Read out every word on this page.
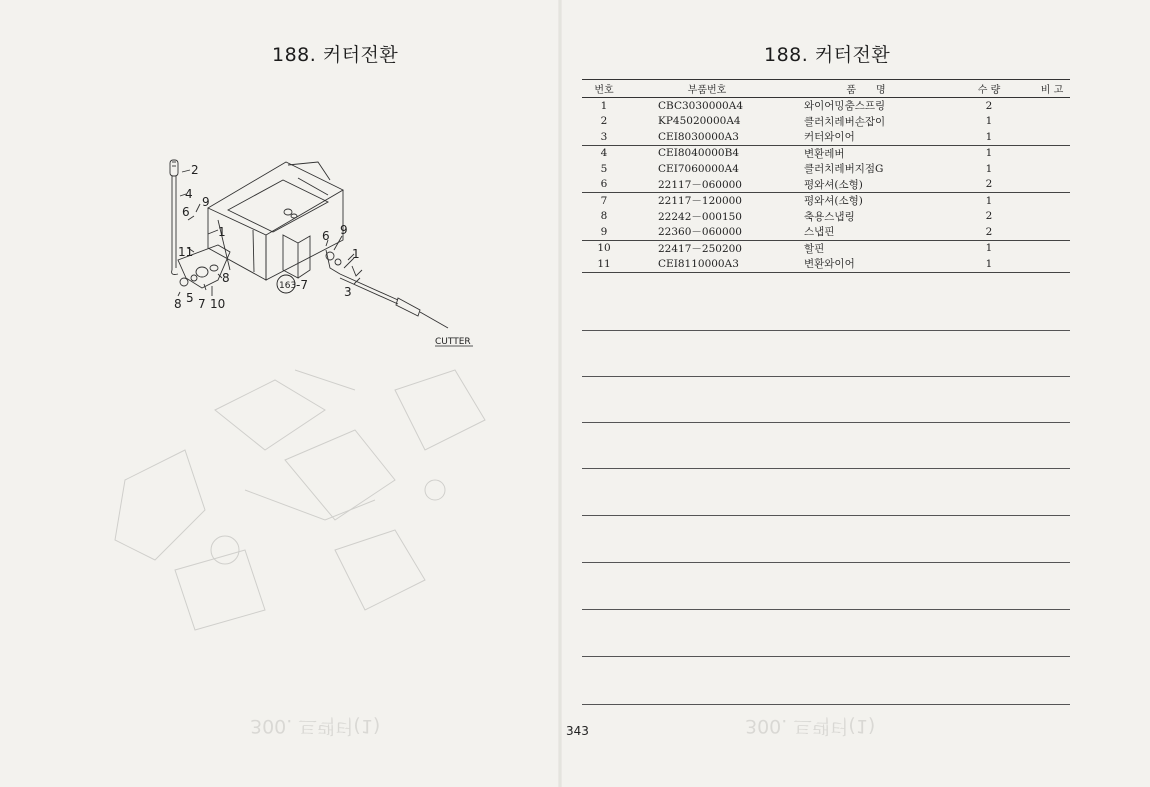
188. 커터전환
2
4
9
6
1
11
8
5 7 10
8
6 9
1
3
163 -7
CUTTER
300. 트랙터(1)
188. 커터전환
300. 트랙터(1)
번호	부품번호	품　　명	수 량	비 고
1	CBC3030000A4	와이어밍춤스프링	2	
2	KP45020000A4	클러치레버손잡이	1	
3	CEI8030000A3	커터와이어	1	
4	CEI8040000B4	변환레버	1	
5	CEI7060000A4	클러치레버지점G	1	
6	22117－060000	평와셔(소형)	2	
7	22117－120000	평와셔(소형)	1	
8	22242－000150	축용스냅링	2	
9	22360－060000	스냅핀	2	
10	22417－250200	할핀	1	
11	CEI8110000A3	변환와이어	1	
343
